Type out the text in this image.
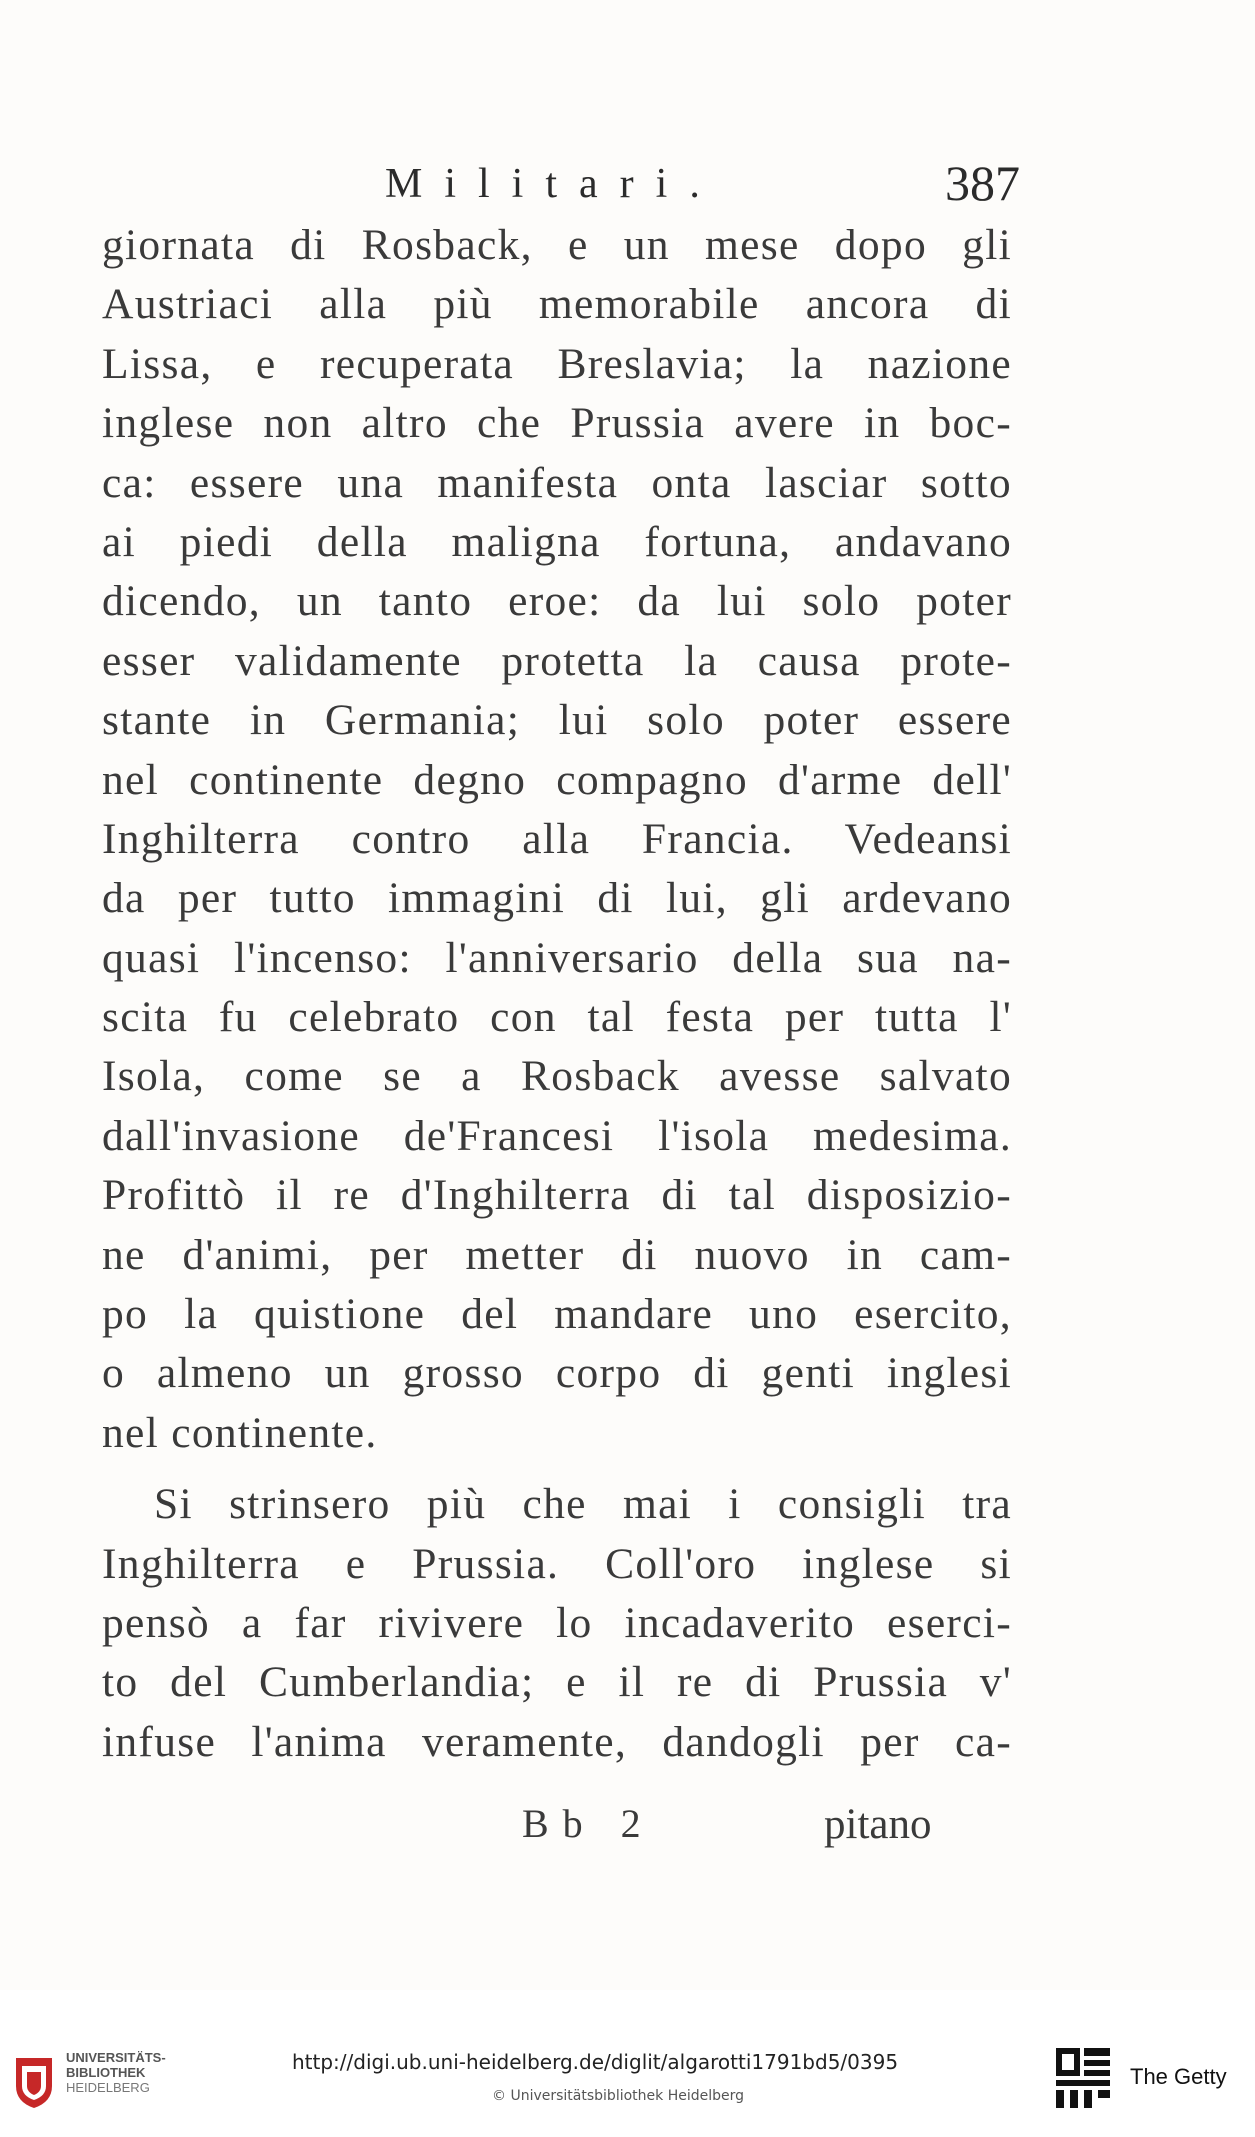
Militari.	387
giornata di Rosback, e un mese dopo gli
Austriaci alla più memorabile ancora di
Lissa, e recuperata Breslavia; la nazione
inglese non altro che Prussia avere in boc-
ca: essere una manifesta onta lasciar sotto
ai piedi della maligna fortuna, andavano
dicendo, un tanto eroe: da lui solo poter
esser validamente protetta la causa prote-
stante in Germania; lui solo poter essere
nel continente degno compagno d'arme dell'
Inghilterra contro alla Francia. Vedeansi
da per tutto immagini di lui, gli ardevano
quasi l'incenso: l'anniversario della sua na-
scita fu celebrato con tal festa per tutta l'
Isola, come se a Rosback avesse salvato
dall'invasione de'Francesi l'isola medesima.
Profittò il re d'Inghilterra di tal disposizio-
ne d'animi, per metter di nuovo in cam-
po la quistione del mandare uno esercito,
o almeno un grosso corpo di genti inglesi
nel continente.
Si strinsero più che mai i consigli tra
Inghilterra e Prussia. Coll'oro inglese si
pensò a far rivivere lo incadaverito eserci-
to del Cumberlandia; e il re di Prussia v'
infuse l'anima veramente, dandogli per ca-
Bb 2	pitano
UNIVERSITÄTS-
BIBLIOTHEK
HEIDELBERG
http://digi.ub.uni-heidelberg.de/diglit/algarotti1791bd5/0395
© Universitätsbibliothek Heidelberg
The Getty
